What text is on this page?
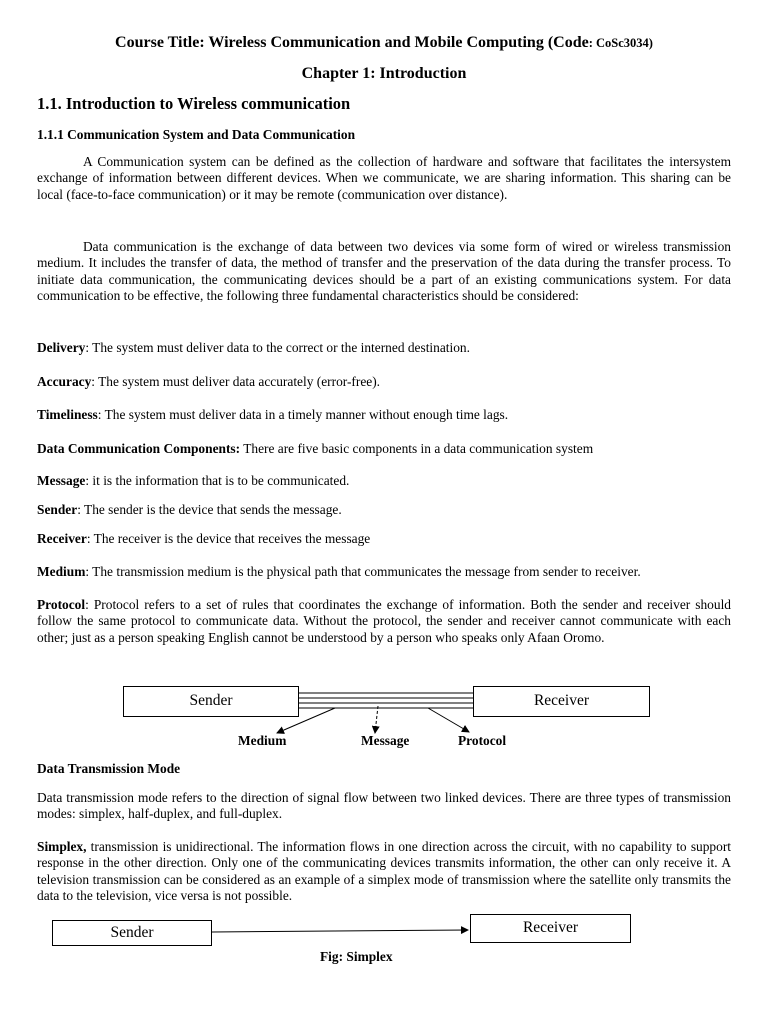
Course Title: Wireless Communication and Mobile Computing (Code: CoSc3034)
Chapter 1: Introduction
1.1. Introduction to Wireless communication
1.1.1 Communication System and Data Communication
A Communication system can be defined as the collection of hardware and software that facilitates the intersystem exchange of information between different devices. When we communicate, we are sharing information. This sharing can be local (face-to-face communication) or it may be remote (communication over distance).
Data communication is the exchange of data between two devices via some form of wired or wireless transmission medium. It includes the transfer of data, the method of transfer and the preservation of the data during the transfer process. To initiate data communication, the communicating devices should be a part of an existing communications system. For data communication to be effective, the following three fundamental characteristics should be considered:
Delivery: The system must deliver data to the correct or the interned destination.
Accuracy: The system must deliver data accurately (error-free).
Timeliness: The system must deliver data in a timely manner without enough time lags.
Data Communication Components: There are five basic components in a data communication system
Message: it is the information that is to be communicated.
Sender: The sender is the device that sends the message.
Receiver: The receiver is the device that receives the message
Medium: The transmission medium is the physical path that communicates the message from sender to receiver.
Protocol: Protocol refers to a set of rules that coordinates the exchange of information. Both the sender and receiver should follow the same protocol to communicate data. Without the protocol, the sender and receiver cannot communicate with each other; just as a person speaking English cannot be understood by a person who speaks only Afaan Oromo.
Sender	Receiver
Medium	Message	Protocol
Data Transmission Mode
Data transmission mode refers to the direction of signal flow between two linked devices. There are three types of transmission modes: simplex, half-duplex, and full-duplex.
Simplex, transmission is unidirectional. The information flows in one direction across the circuit, with no capability to support response in the other direction. Only one of the communicating devices transmits information, the other can only receive it. A television transmission can be considered as an example of a simplex mode of transmission where the satellite only transmits the data to the television, vice versa is not possible.
Sender	Receiver
Fig: Simplex
